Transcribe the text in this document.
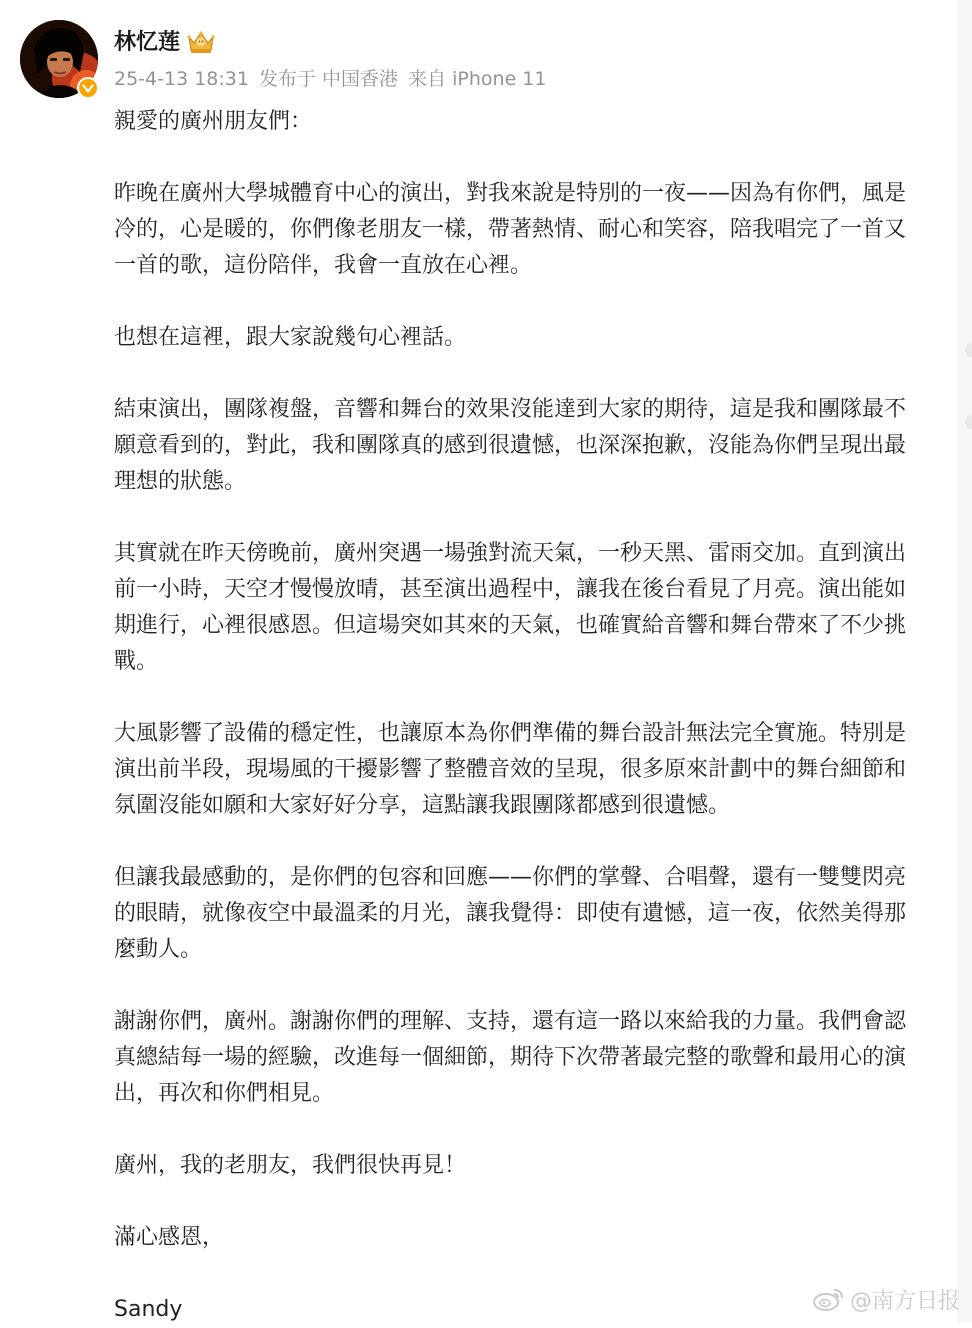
林忆莲
25-4-13 18:31 发布于 中国香港 来自 iPhone 11

親愛的廣州朋友們：

昨晚在廣州大學城體育中心的演出，對我來說是特別的一夜——因為有你們，風是
冷的，心是暖的，你們像老朋友一樣，帶著熱情、耐心和笑容，陪我唱完了一首又
一首的歌，這份陪伴，我會一直放在心裡。

也想在這裡，跟大家說幾句心裡話。

結束演出，團隊複盤，音響和舞台的效果沒能達到大家的期待，這是我和團隊最不
願意看到的，對此，我和團隊真的感到很遺憾，也深深抱歉，沒能為你們呈現出最
理想的狀態。

其實就在昨天傍晚前，廣州突遇一場強對流天氣，一秒天黑、雷雨交加。直到演出
前一小時，天空才慢慢放晴，甚至演出過程中，讓我在後台看見了月亮。演出能如
期進行，心裡很感恩。但這場突如其來的天氣，也確實給音響和舞台帶來了不少挑
戰。

大風影響了設備的穩定性，也讓原本為你們準備的舞台設計無法完全實施。特別是
演出前半段，現場風的干擾影響了整體音效的呈現，很多原來計劃中的舞台細節和
氛圍沒能如願和大家好好分享，這點讓我跟團隊都感到很遺憾。

但讓我最感動的，是你們的包容和回應——你們的掌聲、合唱聲，還有一雙雙閃亮
的眼睛，就像夜空中最溫柔的月光，讓我覺得：即使有遺憾，這一夜，依然美得那
麼動人。

謝謝你們，廣州。謝謝你們的理解、支持，還有這一路以來給我的力量。我們會認
真總結每一場的經驗，改進每一個細節，期待下次帶著最完整的歌聲和最用心的演
出，再次和你們相見。

廣州，我的老朋友，我們很快再見！

滿心感恩，

Sandy	@南方日报
